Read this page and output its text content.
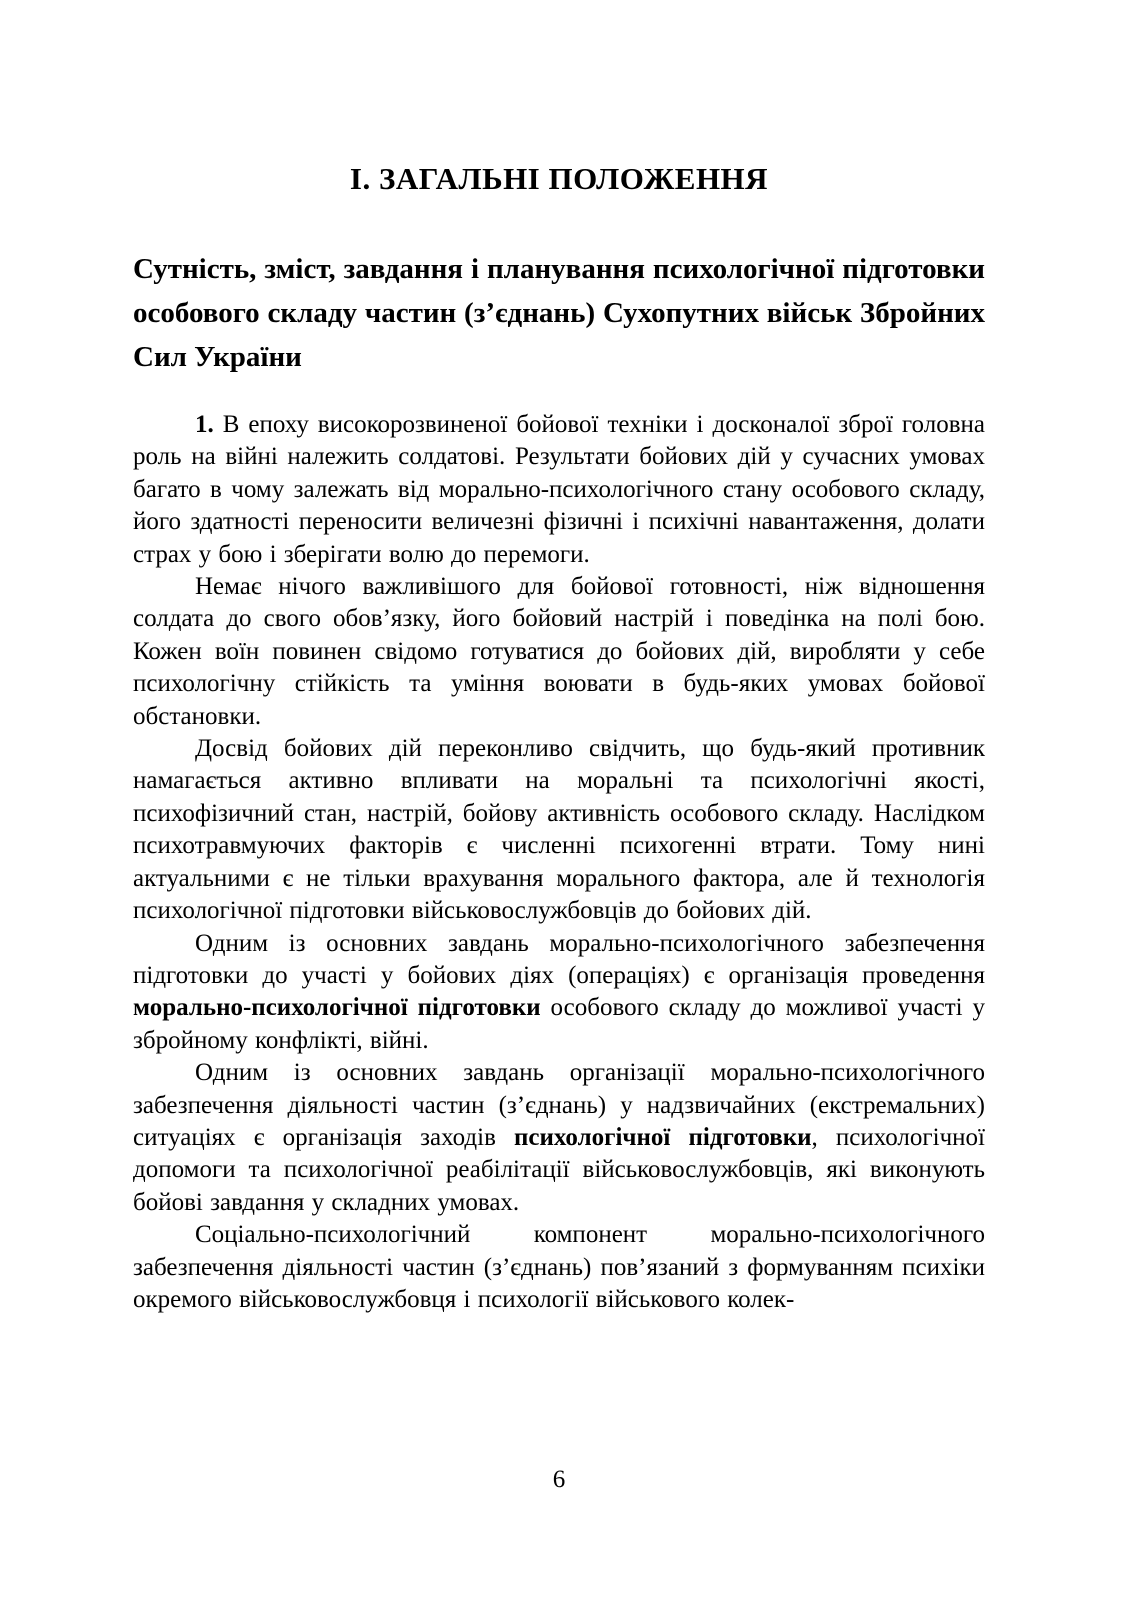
І. ЗАГАЛЬНІ ПОЛОЖЕННЯ
Сутність, зміст, завдання і планування психологічної підготовки особового складу частин (з’єднань) Сухопутних військ Збройних Сил України

1. В епоху високорозвиненої бойової техніки і досконалої зброї головна роль на війні належить солдатові. Результати бойових дій у сучасних умовах багато в чому залежать від морально-психологічного стану особового складу, його здатності переносити величезні фізичні і психічні навантаження, долати страх у бою і зберігати волю до перемоги.

Немає нічого важливішого для бойової готовності, ніж відношення солдата до свого обов’язку, його бойовий настрій і поведінка на полі бою. Кожен воїн повинен свідомо готуватися до бойових дій, виробляти у себе психологічну стійкість та уміння воювати в будь-яких умовах бойової обстановки.

Досвід бойових дій переконливо свідчить, що будь-який противник намагається активно впливати на моральні та психологічні якості, психофізичний стан, настрій, бойову активність особового складу. Наслідком психотравмуючих факторів є численні психогенні втрати. Тому нині актуальними є не тільки врахування морального фактора, але й технологія психологічної підготовки військовослужбовців до бойових дій.

Одним із основних завдань морально-психологічного забезпечення підготовки до участі у бойових діях (операціях) є організація проведення морально-психологічної підготовки особового складу до можливої участі у збройному конфлікті, війні.

Одним із основних завдань організації морально-психологічного забезпечення діяльності частин (з’єднань) у надзвичайних (екстремальних) ситуаціях є організація заходів психологічної підготовки, психологічної допомоги та психологічної реабілітації військовослужбовців, які виконують бойові завдання у складних умовах.

Соціально-психологічний компонент морально-психологічного забезпечення діяльності частин (з’єднань) пов’язаний з формуванням психіки окремого військовослужбовця і психології військового колек-

6
